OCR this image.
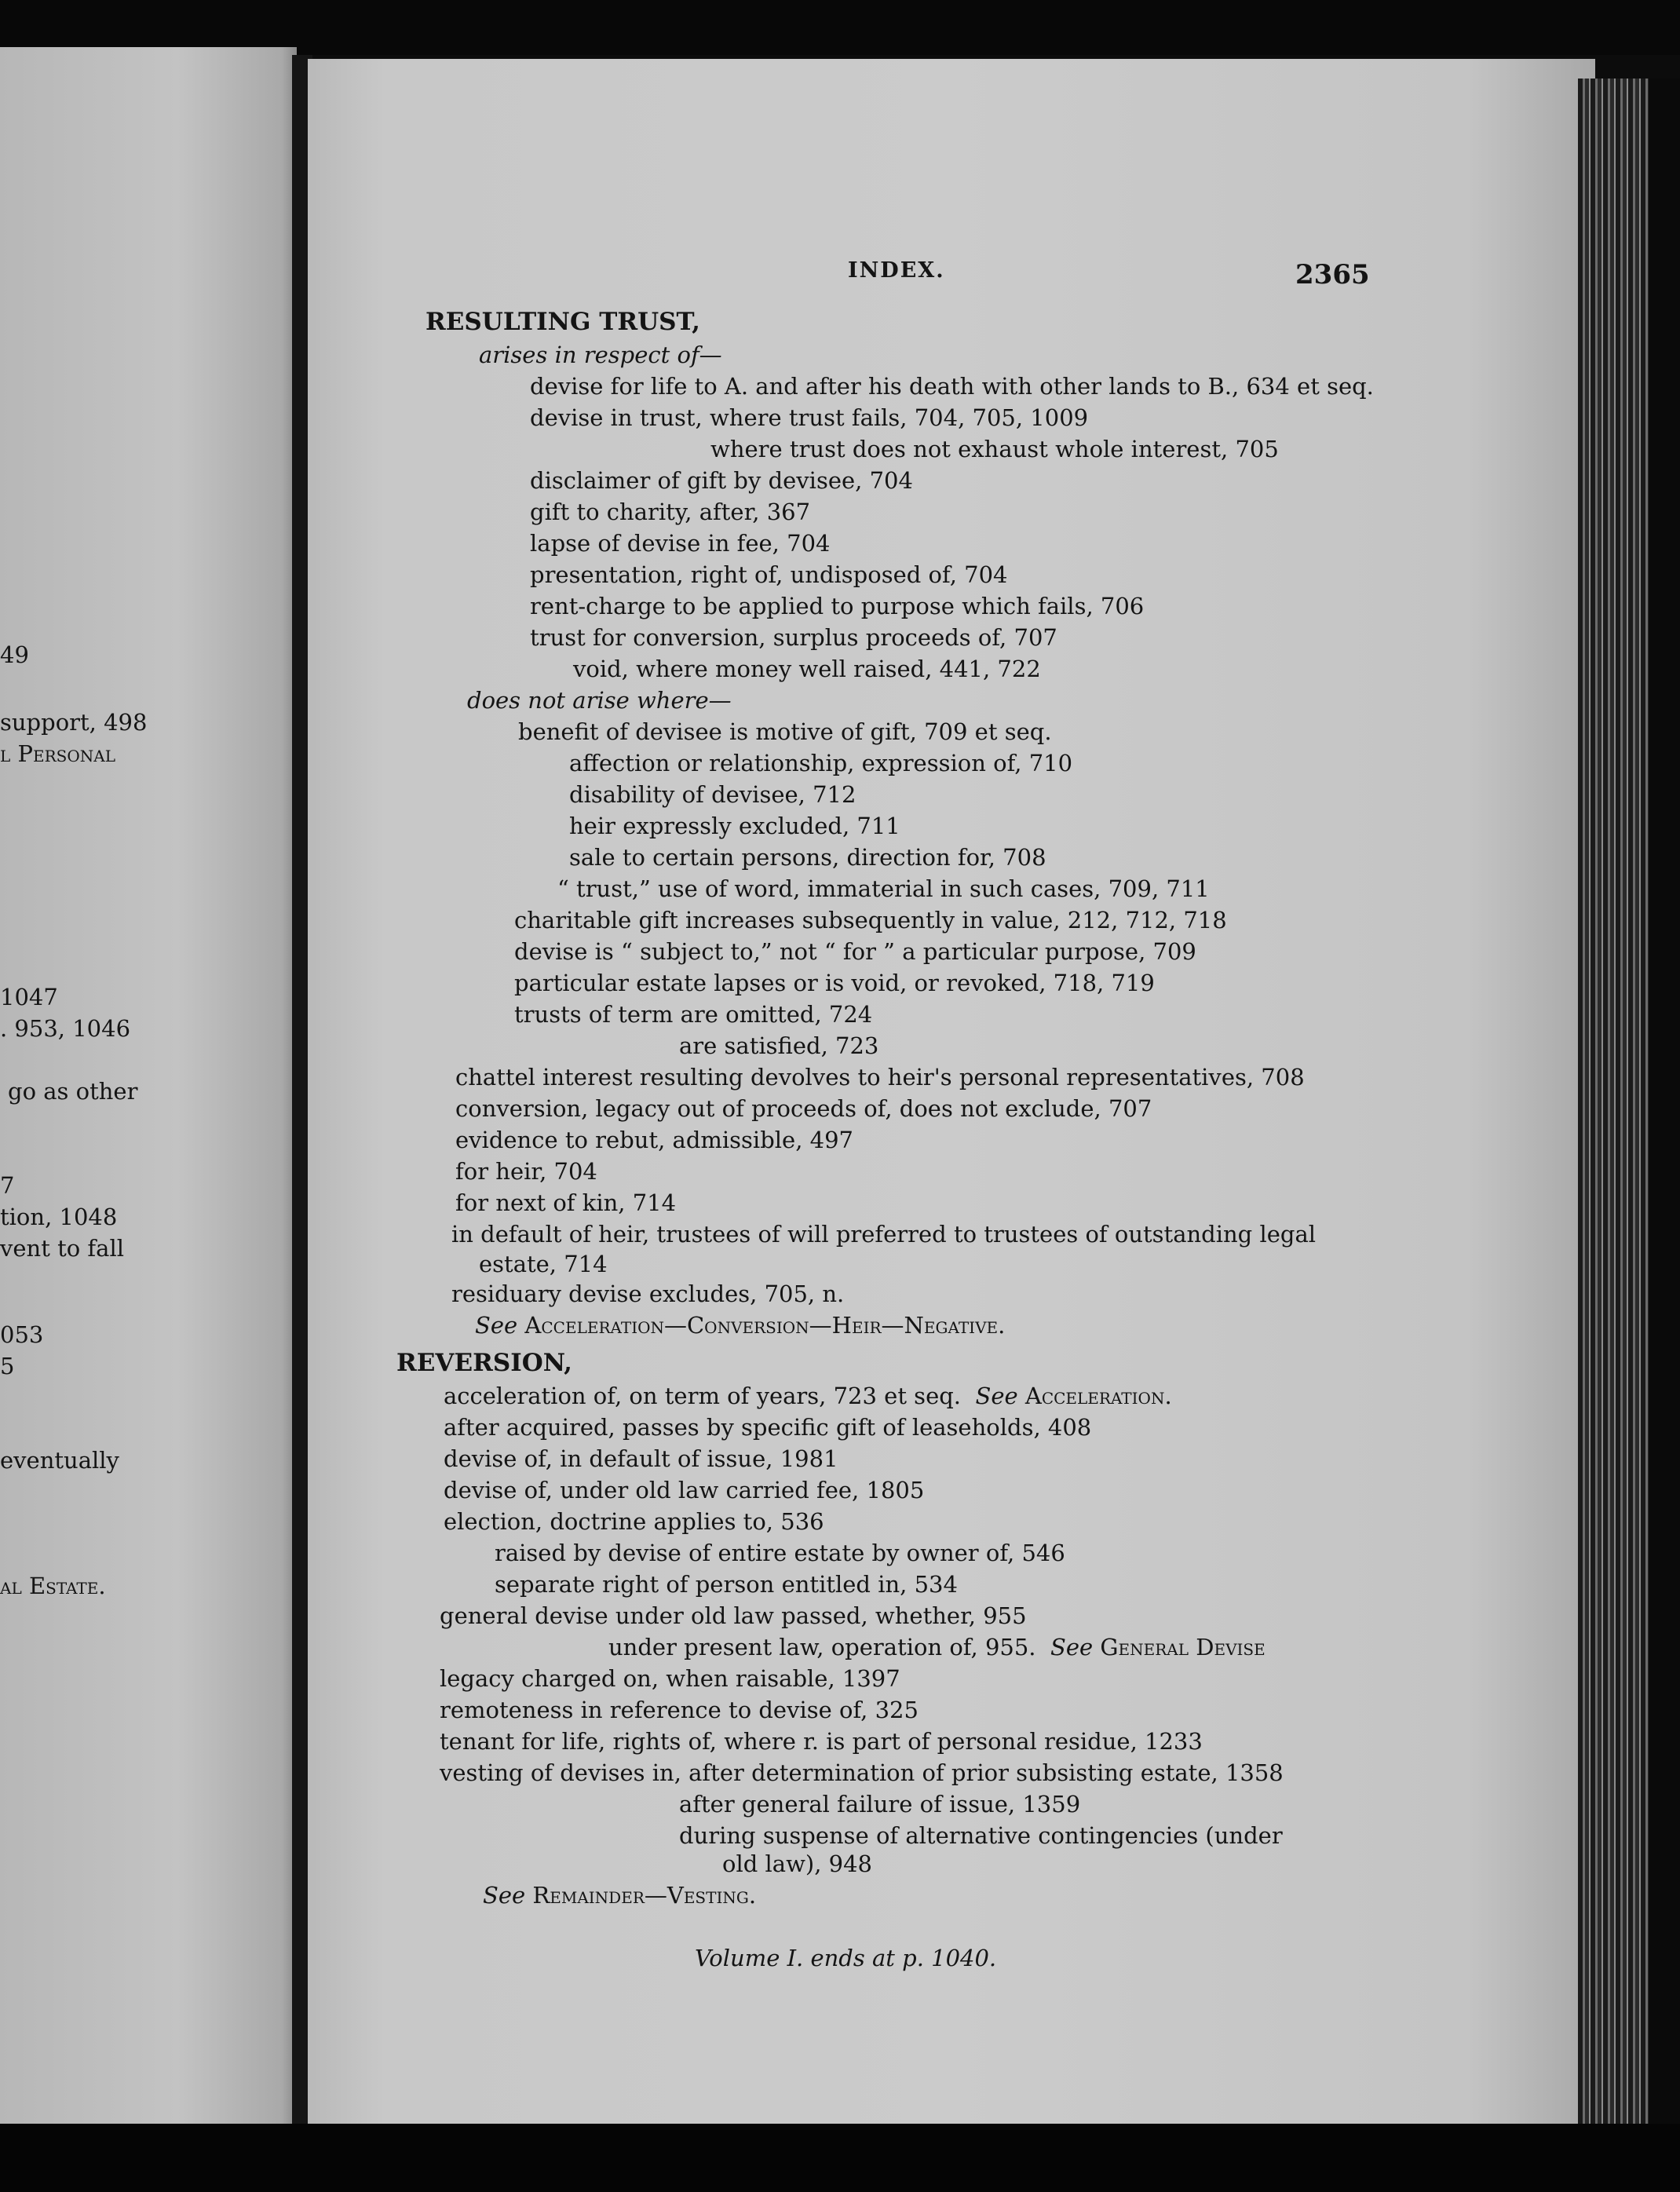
49
support, 498
l Personal
1047
. 953, 1046
go as other
7
tion, 1048
vent to fall
053
5
eventually
al Estate.
INDEX.	2365
RESULTING TRUST,
arises in respect of—
devise for life to A. and after his death with other lands to B., 634 et seq.
devise in trust, where trust fails, 704, 705, 1009
where trust does not exhaust whole interest, 705
disclaimer of gift by devisee, 704
gift to charity, after, 367
lapse of devise in fee, 704
presentation, right of, undisposed of, 704
rent-charge to be applied to purpose which fails, 706
trust for conversion, surplus proceeds of, 707
void, where money well raised, 441, 722
does not arise where—
benefit of devisee is motive of gift, 709 et seq.
affection or relationship, expression of, 710
disability of devisee, 712
heir expressly excluded, 711
sale to certain persons, direction for, 708
“ trust,” use of word, immaterial in such cases, 709, 711
charitable gift increases subsequently in value, 212, 712, 718
devise is “ subject to,” not “ for ” a particular purpose, 709
particular estate lapses or is void, or revoked, 718, 719
trusts of term are omitted, 724
are satisfied, 723
chattel interest resulting devolves to heir's personal representatives, 708
conversion, legacy out of proceeds of, does not exclude, 707
evidence to rebut, admissible, 497
for heir, 704
for next of kin, 714
in default of heir, trustees of will preferred to trustees of outstanding legal
estate, 714
residuary devise excludes, 705, n.
See Acceleration—Conversion—Heir—Negative.
REVERSION,
acceleration of, on term of years, 723 et seq. See Acceleration.
after acquired, passes by specific gift of leaseholds, 408
devise of, in default of issue, 1981
devise of, under old law carried fee, 1805
election, doctrine applies to, 536
raised by devise of entire estate by owner of, 546
separate right of person entitled in, 534
general devise under old law passed, whether, 955
under present law, operation of, 955. See General Devise
legacy charged on, when raisable, 1397
remoteness in reference to devise of, 325
tenant for life, rights of, where r. is part of personal residue, 1233
vesting of devises in, after determination of prior subsisting estate, 1358
after general failure of issue, 1359
during suspense of alternative contingencies (under
old law), 948
See Remainder—Vesting.
Volume I. ends at p. 1040.
